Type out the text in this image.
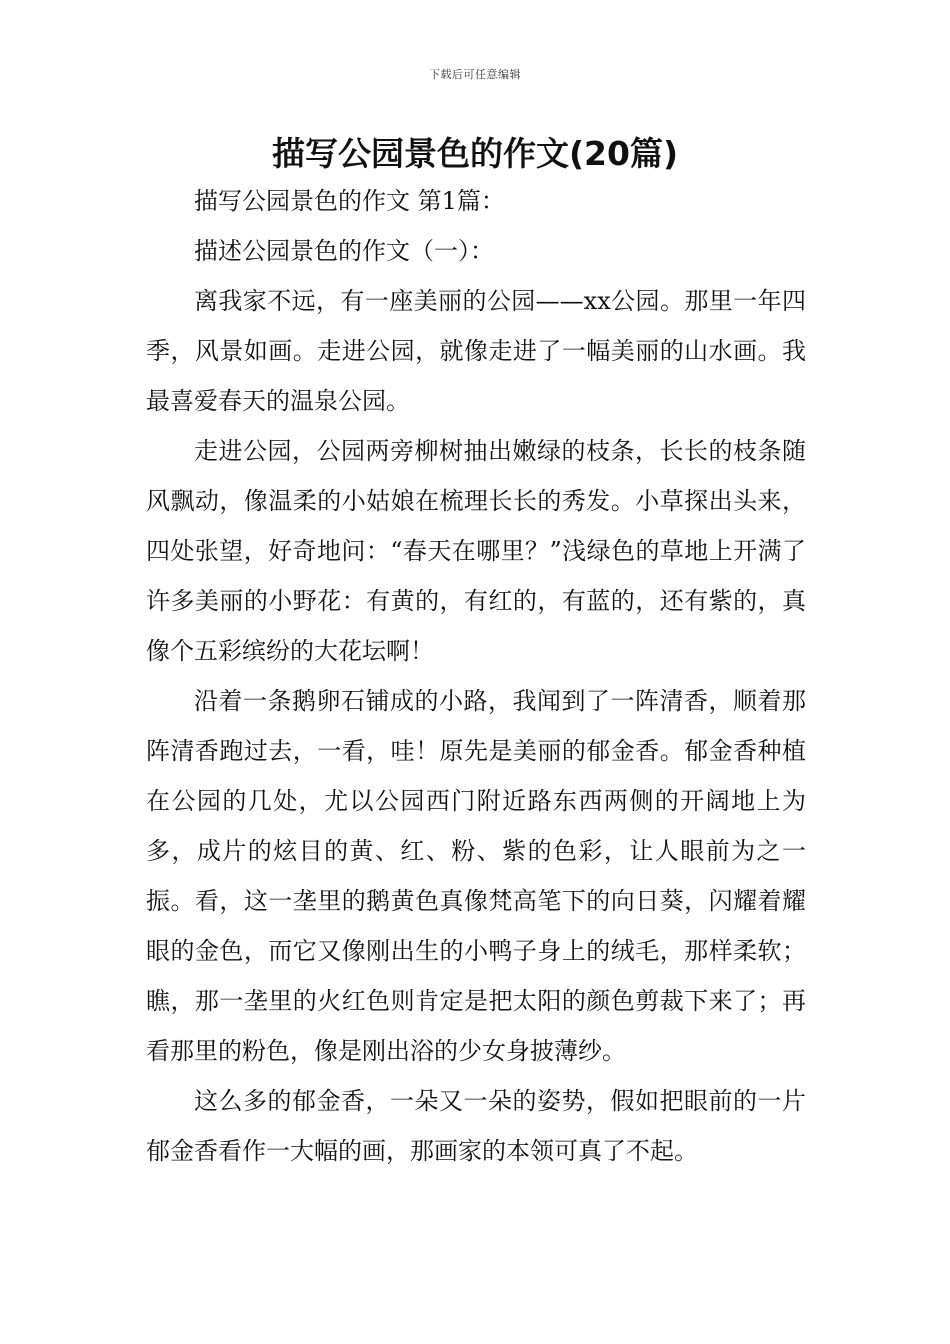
下载后可任意编辑
描写公园景色的作文(20篇)

描写公园景色的作文 第1篇：

描述公园景色的作文（一）：

离我家不远，有一座美丽的公园——xx公园。那里一年四季，风景如画。走进公园，就像走进了一幅美丽的山水画。我最喜爱春天的温泉公园。

走进公园，公园两旁柳树抽出嫩绿的枝条，长长的枝条随风飘动，像温柔的小姑娘在梳理长长的秀发。小草探出头来，四处张望，好奇地问：“春天在哪里？”浅绿色的草地上开满了许多美丽的小野花：有黄的，有红的，有蓝的，还有紫的，真像个五彩缤纷的大花坛啊！

沿着一条鹅卵石铺成的小路，我闻到了一阵清香，顺着那阵清香跑过去，一看，哇！原先是美丽的郁金香。郁金香种植在公园的几处，尤以公园西门附近路东西两侧的开阔地上为多，成片的炫目的黄、红、粉、紫的色彩，让人眼前为之一振。看，这一垄里的鹅黄色真像梵高笔下的向日葵，闪耀着耀眼的金色，而它又像刚出生的小鸭子身上的绒毛，那样柔软；瞧，那一垄里的火红色则肯定是把太阳的颜色剪裁下来了；再看那里的粉色，像是刚出浴的少女身披薄纱。

这么多的郁金香，一朵又一朵的姿势，假如把眼前的一片郁金香看作一大幅的画，那画家的本领可真了不起。
